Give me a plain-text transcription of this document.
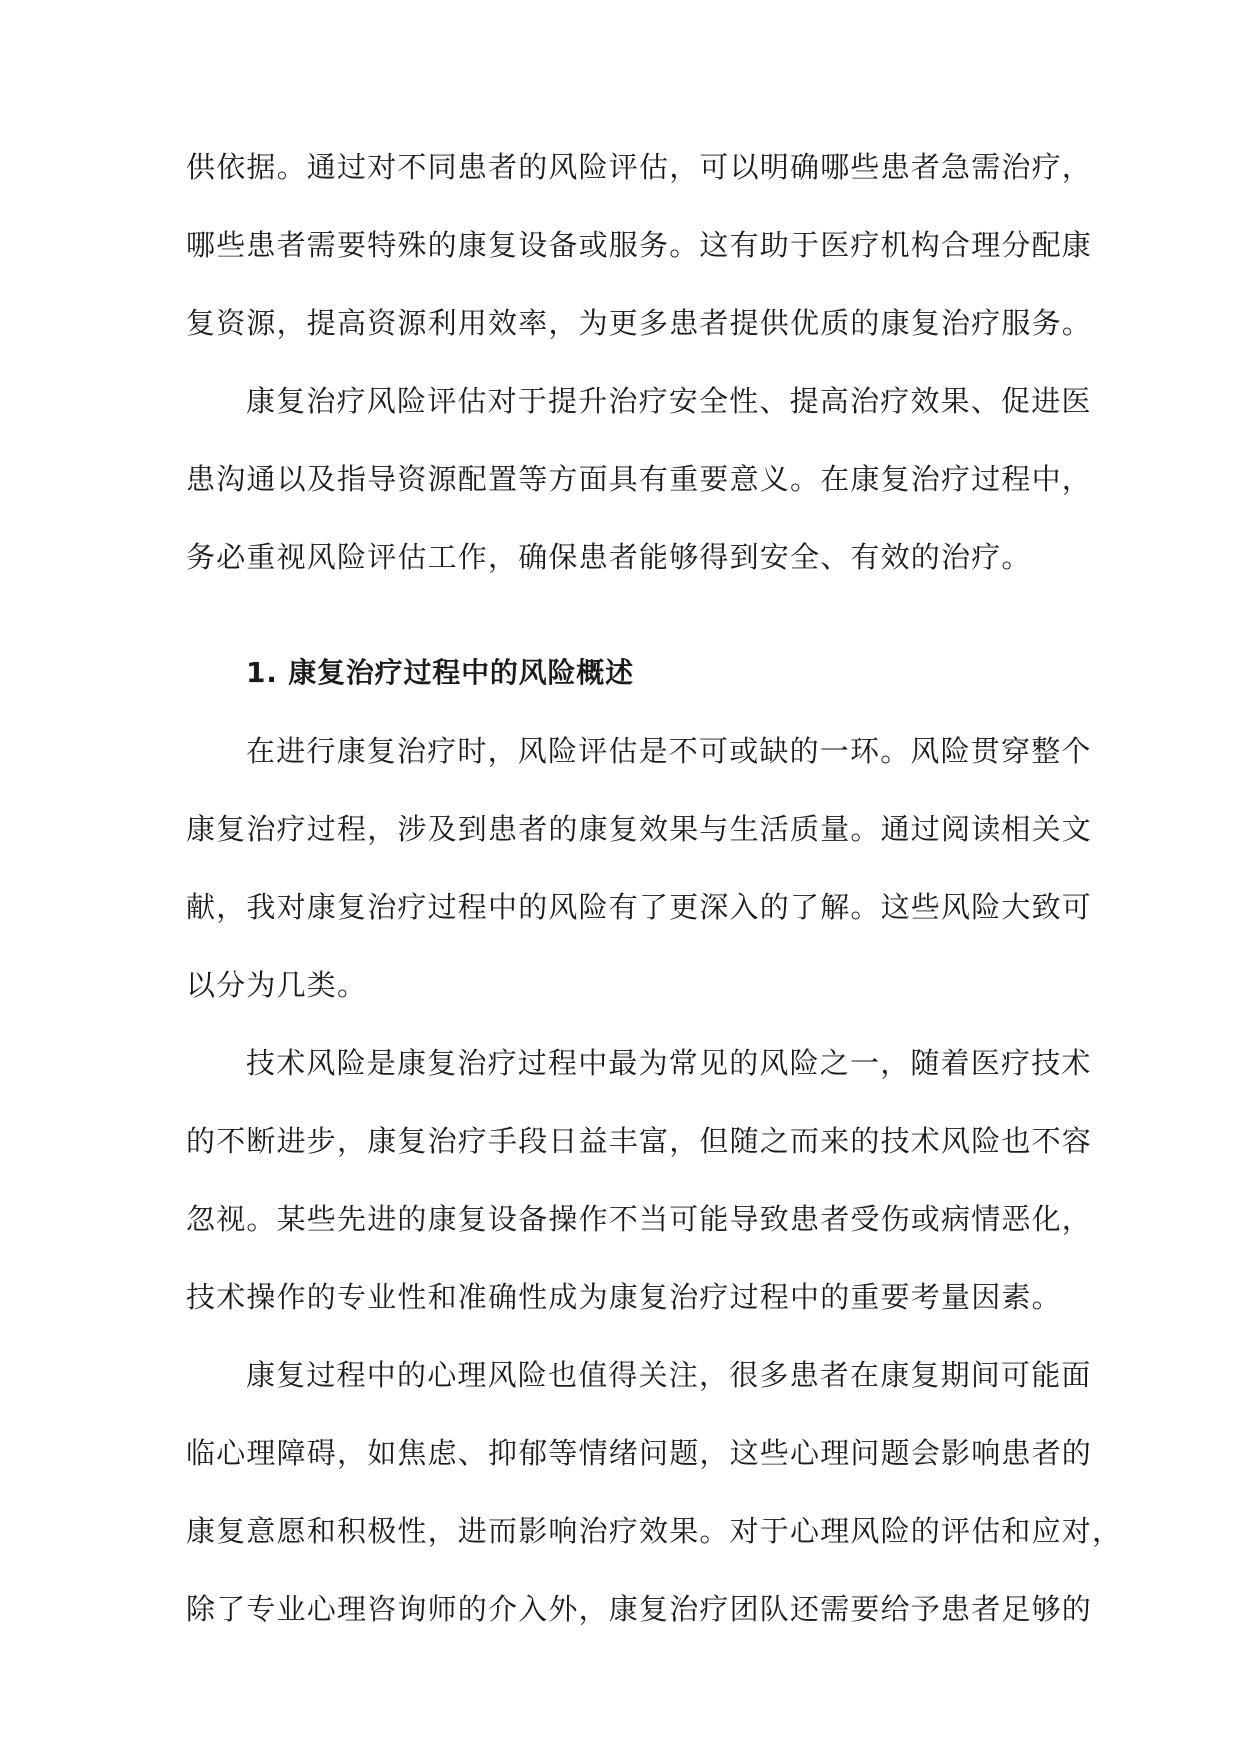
供依据。通过对不同患者的风险评估，可以明确哪些患者急需治疗，
哪些患者需要特殊的康复设备或服务。这有助于医疗机构合理分配康
复资源，提高资源利用效率，为更多患者提供优质的康复治疗服务。
康复治疗风险评估对于提升治疗安全性、提高治疗效果、促进医
患沟通以及指导资源配置等方面具有重要意义。在康复治疗过程中，
务必重视风险评估工作，确保患者能够得到安全、有效的治疗。
1. 康复治疗过程中的风险概述
在进行康复治疗时，风险评估是不可或缺的一环。风险贯穿整个
康复治疗过程，涉及到患者的康复效果与生活质量。通过阅读相关文
献，我对康复治疗过程中的风险有了更深入的了解。这些风险大致可
以分为几类。
技术风险是康复治疗过程中最为常见的风险之一，随着医疗技术
的不断进步，康复治疗手段日益丰富，但随之而来的技术风险也不容
忽视。某些先进的康复设备操作不当可能导致患者受伤或病情恶化，
技术操作的专业性和准确性成为康复治疗过程中的重要考量因素。
康复过程中的心理风险也值得关注，很多患者在康复期间可能面
临心理障碍，如焦虑、抑郁等情绪问题，这些心理问题会影响患者的
康复意愿和积极性，进而影响治疗效果。对于心理风险的评估和应对，
除了专业心理咨询师的介入外，康复治疗团队还需要给予患者足够的
